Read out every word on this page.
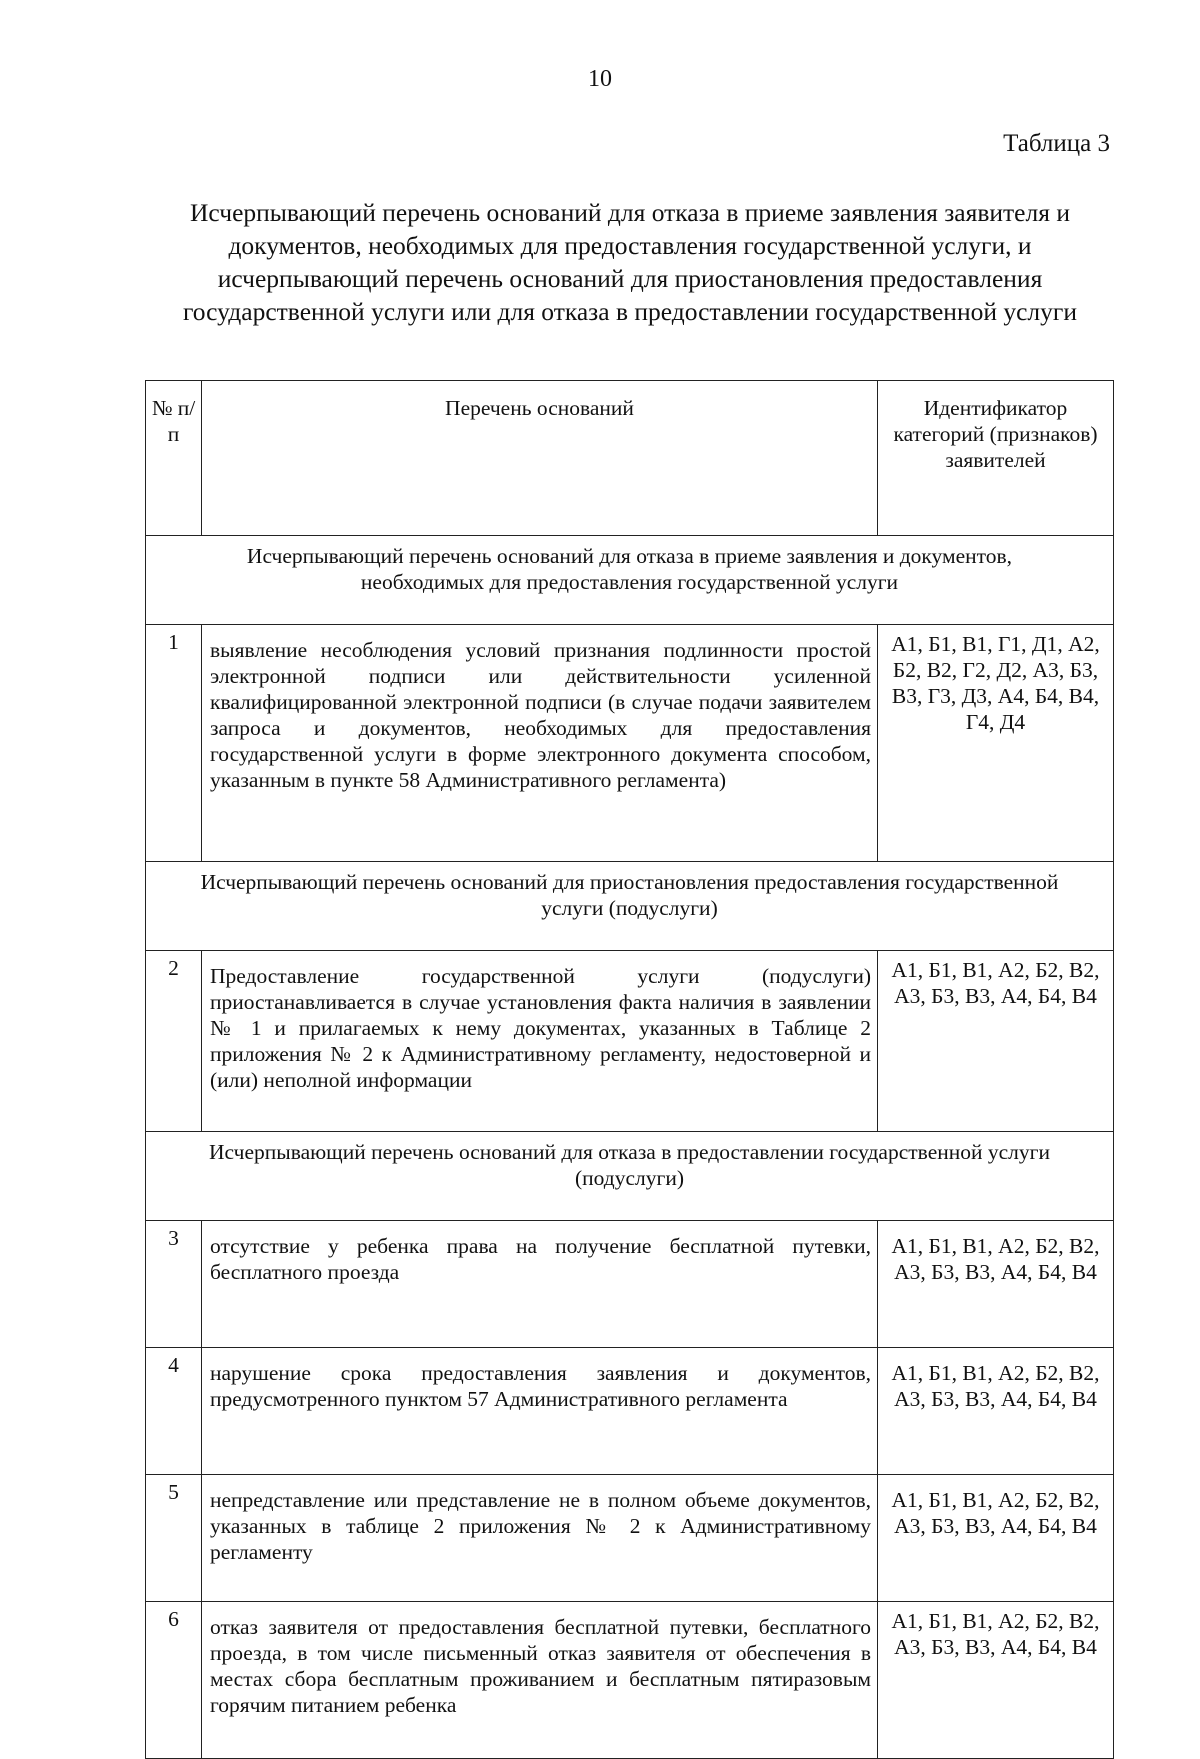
10
Таблица 3
Исчерпывающий перечень оснований для отказа в приеме заявления заявителя и документов, необходимых для предоставления государственной услуги, и исчерпывающий перечень оснований для приостановления предоставления государственной услуги или для отказа в предоставлении государственной услуги
№ п/п	Перечень оснований	Идентификатор категорий (признаков) заявителей
Исчерпывающий перечень оснований для отказа в приеме заявления и документов, необходимых для предоставления государственной услуги		
1	выявление несоблюдения условий признания подлинности простой электронной подписи или действительности усиленной квалифицированной электронной подписи (в случае подачи заявителем запроса и документов, необходимых для предоставления государственной услуги в форме электронного документа способом, указанным в пункте 58 Административного регламента)	А1, Б1, В1, Г1, Д1, А2, Б2, В2, Г2, Д2, А3, Б3, В3, Г3, Д3, А4, Б4, В4, Г4, Д4
Исчерпывающий перечень оснований для приостановления предоставления государственной услуги (подуслуги)		
2	Предоставление государственной услуги (подуслуги) приостанавливается в случае установления факта наличия в заявлении № 1 и прилагаемых к нему документах, указанных в Таблице 2 приложения № 2 к Административному регламенту, недостоверной и (или) неполной информации	А1, Б1, В1, А2, Б2, В2, А3, Б3, В3, А4, Б4, В4
Исчерпывающий перечень оснований для отказа в предоставлении государственной услуги (подуслуги)		
3	отсутствие у ребенка права на получение бесплатной путевки, бесплатного проезда	А1, Б1, В1, А2, Б2, В2, А3, Б3, В3, А4, Б4, В4
4	нарушение срока предоставления заявления и документов, предусмотренного пунктом 57 Административного регламента	А1, Б1, В1, А2, Б2, В2, А3, Б3, В3, А4, Б4, В4
5	непредставление или представление не в полном объеме документов, указанных в таблице 2 приложения № 2 к Административному регламенту	А1, Б1, В1, А2, Б2, В2, А3, Б3, В3, А4, Б4, В4
6	отказ заявителя от предоставления бесплатной путевки, бесплатного проезда, в том числе письменный отказ заявителя от обеспечения в местах сбора бесплатным проживанием и бесплатным пятиразовым горячим питанием ребенка	А1, Б1, В1, А2, Б2, В2, А3, Б3, В3, А4, Б4, В4
